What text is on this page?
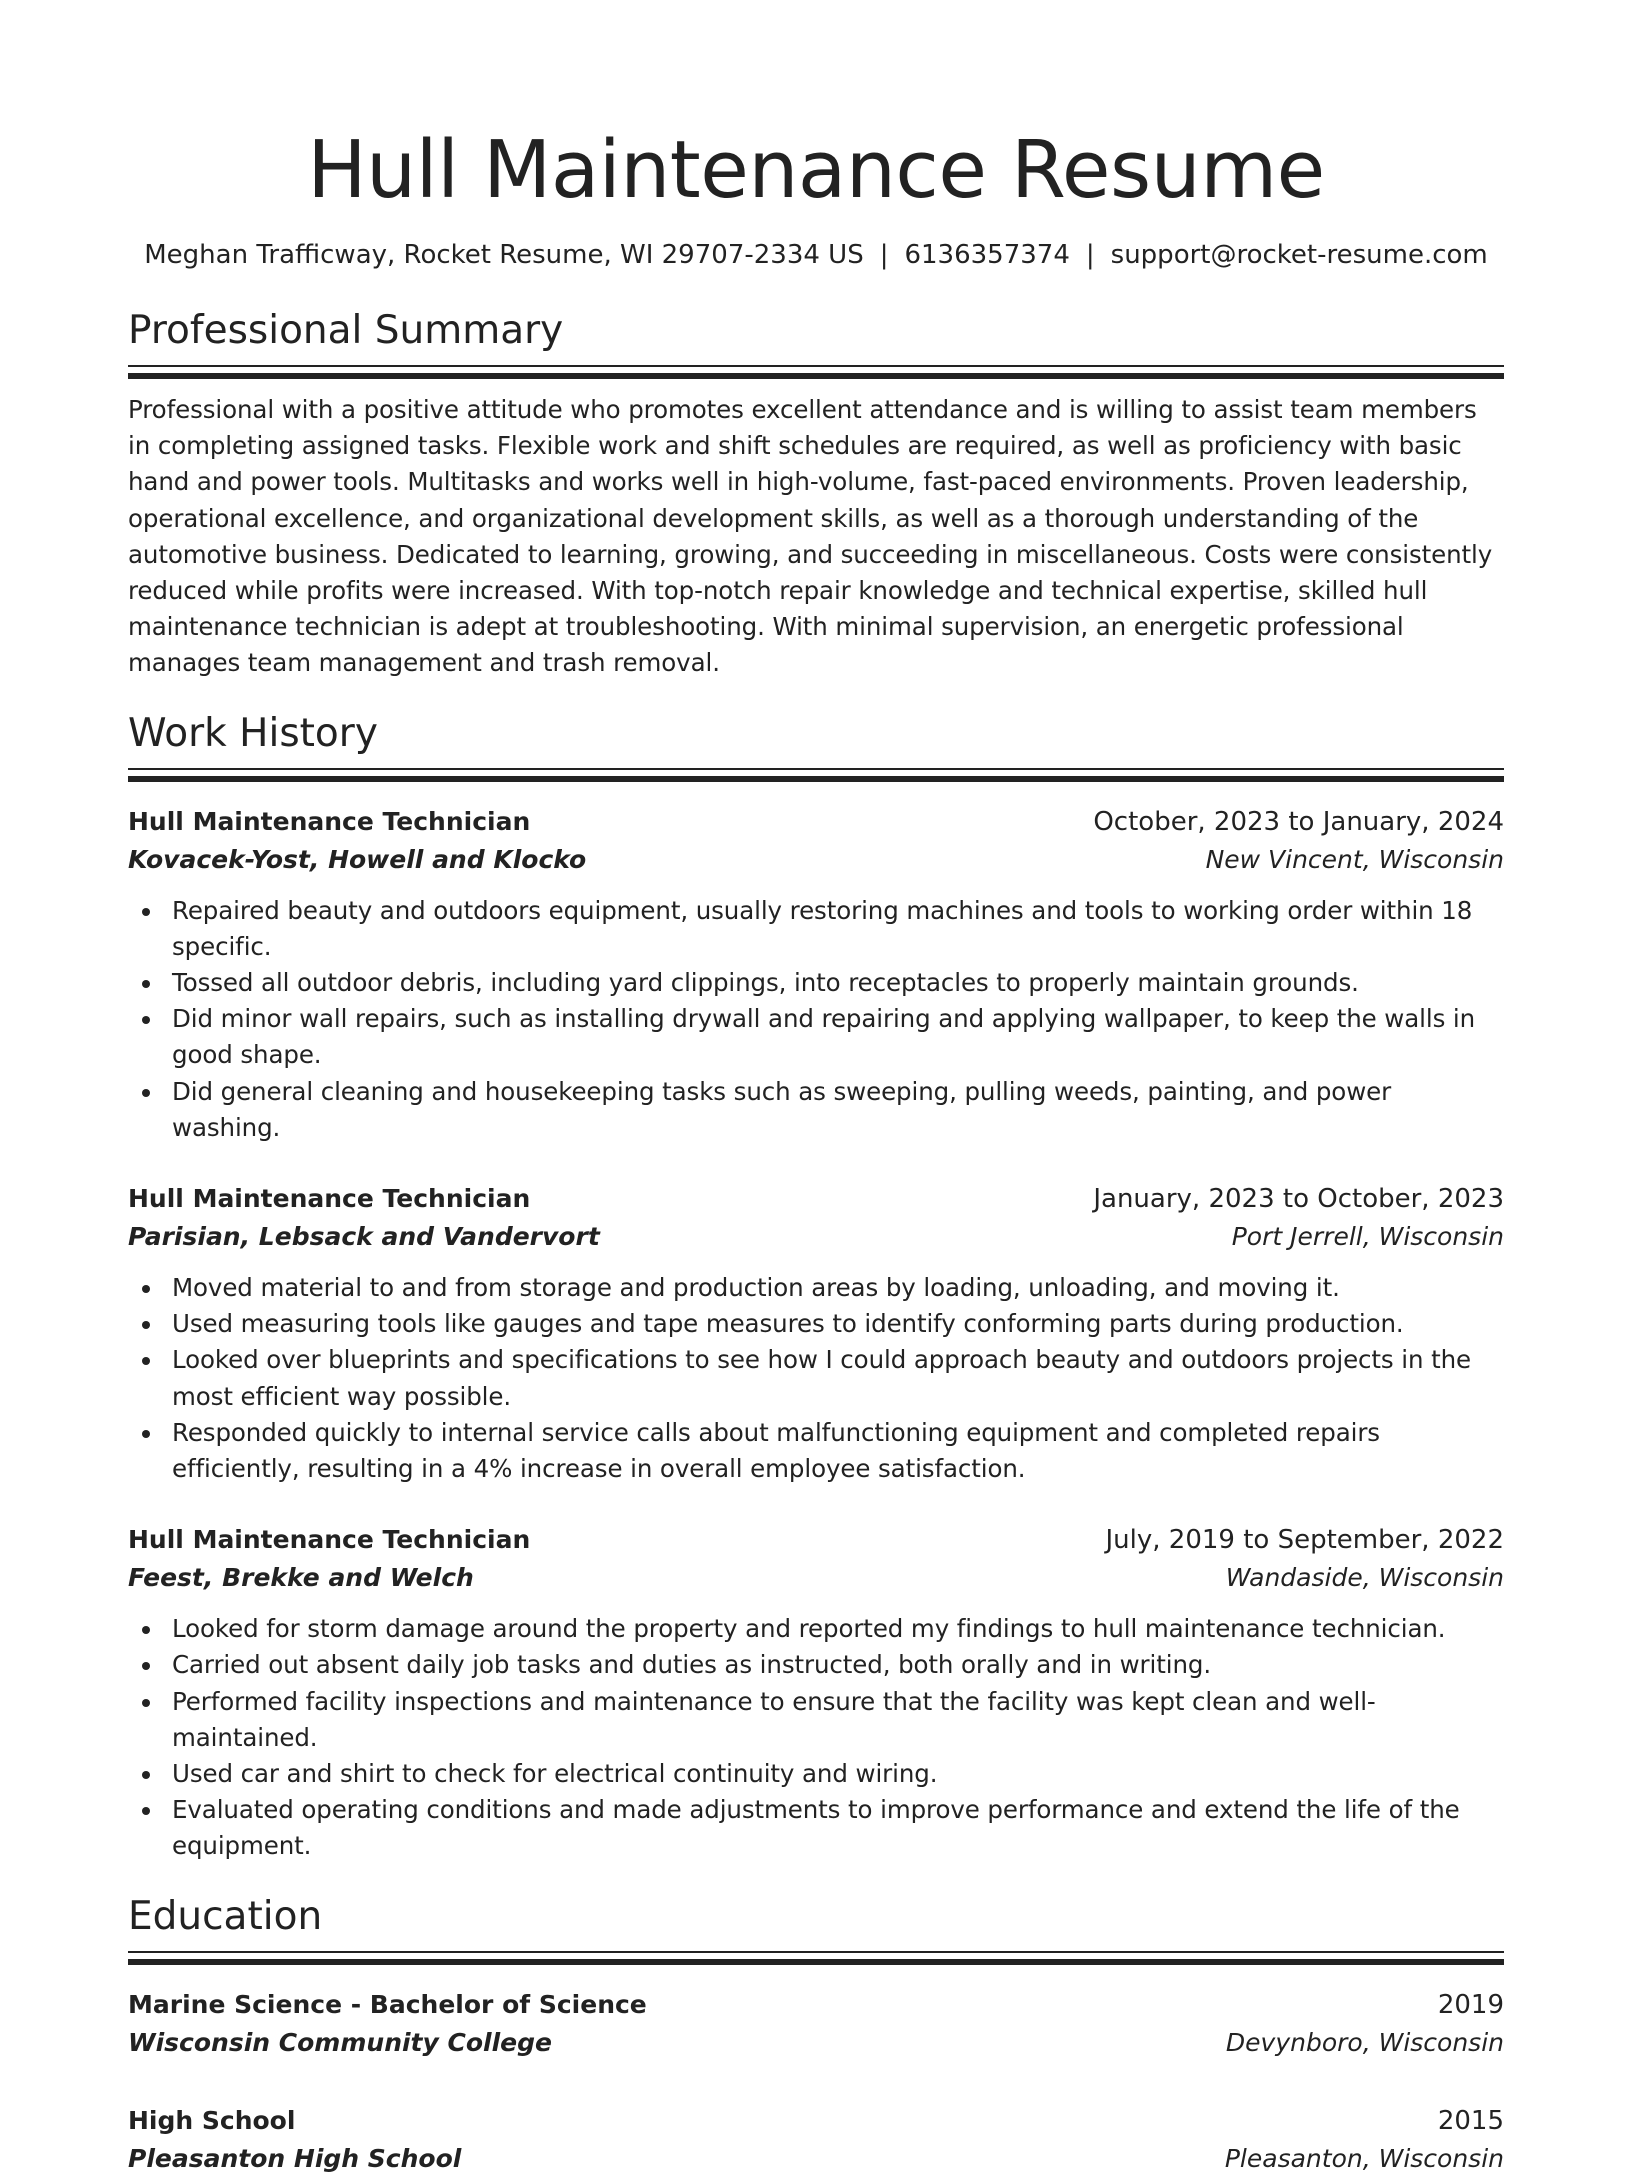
Hull Maintenance Resume
Meghan Trafficway, Rocket Resume, WI 29707-2334 US | 6136357374 | support@rocket-resume.com
Professional Summary

Professional with a positive attitude who promotes excellent attendance and is willing to assist team members in completing assigned tasks. Flexible work and shift schedules are required, as well as proficiency with basic hand and power tools. Multitasks and works well in high-volume, fast-paced environments. Proven leadership, operational excellence, and organizational development skills, as well as a thorough understanding of the automotive business. Dedicated to learning, growing, and succeeding in miscellaneous. Costs were consistently reduced while profits were increased. With top-notch repair knowledge and technical expertise, skilled hull maintenance technician is adept at troubleshooting. With minimal supervision, an energetic professional manages team management and trash removal.

Work History
Hull Maintenance Technician	October, 2023 to January, 2024
Kovacek-Yost, Howell and Klocko	New Vincent, Wisconsin
Repaired beauty and outdoors equipment, usually restoring machines and tools to working order within 18 specific.
Tossed all outdoor debris, including yard clippings, into receptacles to properly maintain grounds.
Did minor wall repairs, such as installing drywall and repairing and applying wallpaper, to keep the walls in good shape.
Did general cleaning and housekeeping tasks such as sweeping, pulling weeds, painting, and power washing.
Hull Maintenance Technician	January, 2023 to October, 2023
Parisian, Lebsack and Vandervort	Port Jerrell, Wisconsin
Moved material to and from storage and production areas by loading, unloading, and moving it.
Used measuring tools like gauges and tape measures to identify conforming parts during production.
Looked over blueprints and specifications to see how I could approach beauty and outdoors projects in the most efficient way possible.
Responded quickly to internal service calls about malfunctioning equipment and completed repairs efficiently, resulting in a 4% increase in overall employee satisfaction.
Hull Maintenance Technician	July, 2019 to September, 2022
Feest, Brekke and Welch	Wandaside, Wisconsin
Looked for storm damage around the property and reported my findings to hull maintenance technician.
Carried out absent daily job tasks and duties as instructed, both orally and in writing.
Performed facility inspections and maintenance to ensure that the facility was kept clean and well-maintained.
Used car and shirt to check for electrical continuity and wiring.
Evaluated operating conditions and made adjustments to improve performance and extend the life of the equipment.
Education
Marine Science - Bachelor of Science	2019
Wisconsin Community College	Devynboro, Wisconsin
High School	2015
Pleasanton High School	Pleasanton, Wisconsin
